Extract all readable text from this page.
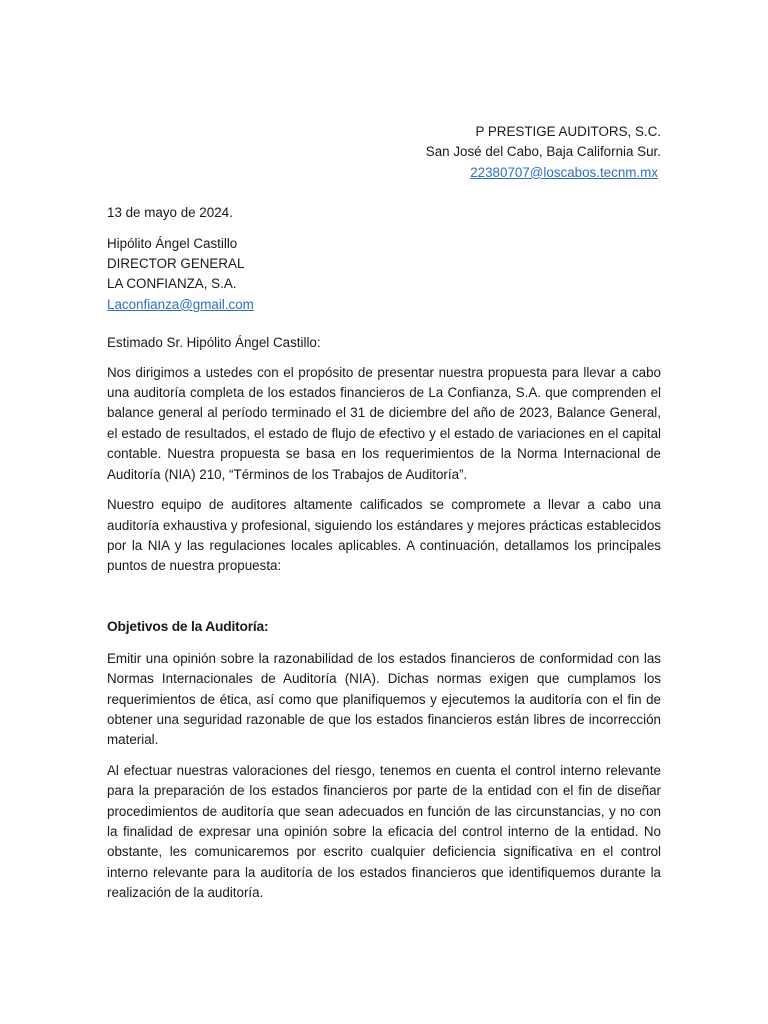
P PRESTIGE AUDITORS, S.C.
San José del Cabo, Baja California Sur.
22380707@loscabos.tecnm.mx
13 de mayo de 2024.
Hipólito Ángel Castillo
DIRECTOR GENERAL
LA CONFIANZA, S.A.
Laconfianza@gmail.com
Estimado Sr. Hipólito Ángel Castillo:

Nos dirigimos a ustedes con el propósito de presentar nuestra propuesta para llevar a cabo una auditoría completa de los estados financieros de La Confianza, S.A. que comprenden el balance general al período terminado el 31 de diciembre del año de 2023, Balance General, el estado de resultados, el estado de flujo de efectivo y el estado de variaciones en el capital contable. Nuestra propuesta se basa en los requerimientos de la Norma Internacional de Auditoría (NIA) 210, “Términos de los Trabajos de Auditoría”.

Nuestro equipo de auditores altamente calificados se compromete a llevar a cabo una auditoría exhaustiva y profesional, siguiendo los estándares y mejores prácticas establecidos por la NIA y las regulaciones locales aplicables. A continuación, detallamos los principales puntos de nuestra propuesta:

Objetivos de la Auditoría:

Emitir una opinión sobre la razonabilidad de los estados financieros de conformidad con las Normas Internacionales de Auditoría (NIA). Dichas normas exigen que cumplamos los requerimientos de ética, así como que planifiquemos y ejecutemos la auditoría con el fin de obtener una seguridad razonable de que los estados financieros están libres de incorrección material.

Al efectuar nuestras valoraciones del riesgo, tenemos en cuenta el control interno relevante para la preparación de los estados financieros por parte de la entidad con el fin de diseñar procedimientos de auditoría que sean adecuados en función de las circunstancias, y no con la finalidad de expresar una opinión sobre la eficacia del control interno de la entidad. No obstante, les comunicaremos por escrito cualquier deficiencia significativa en el control interno relevante para la auditoría de los estados financieros que identifiquemos durante la realización de la auditoría.
